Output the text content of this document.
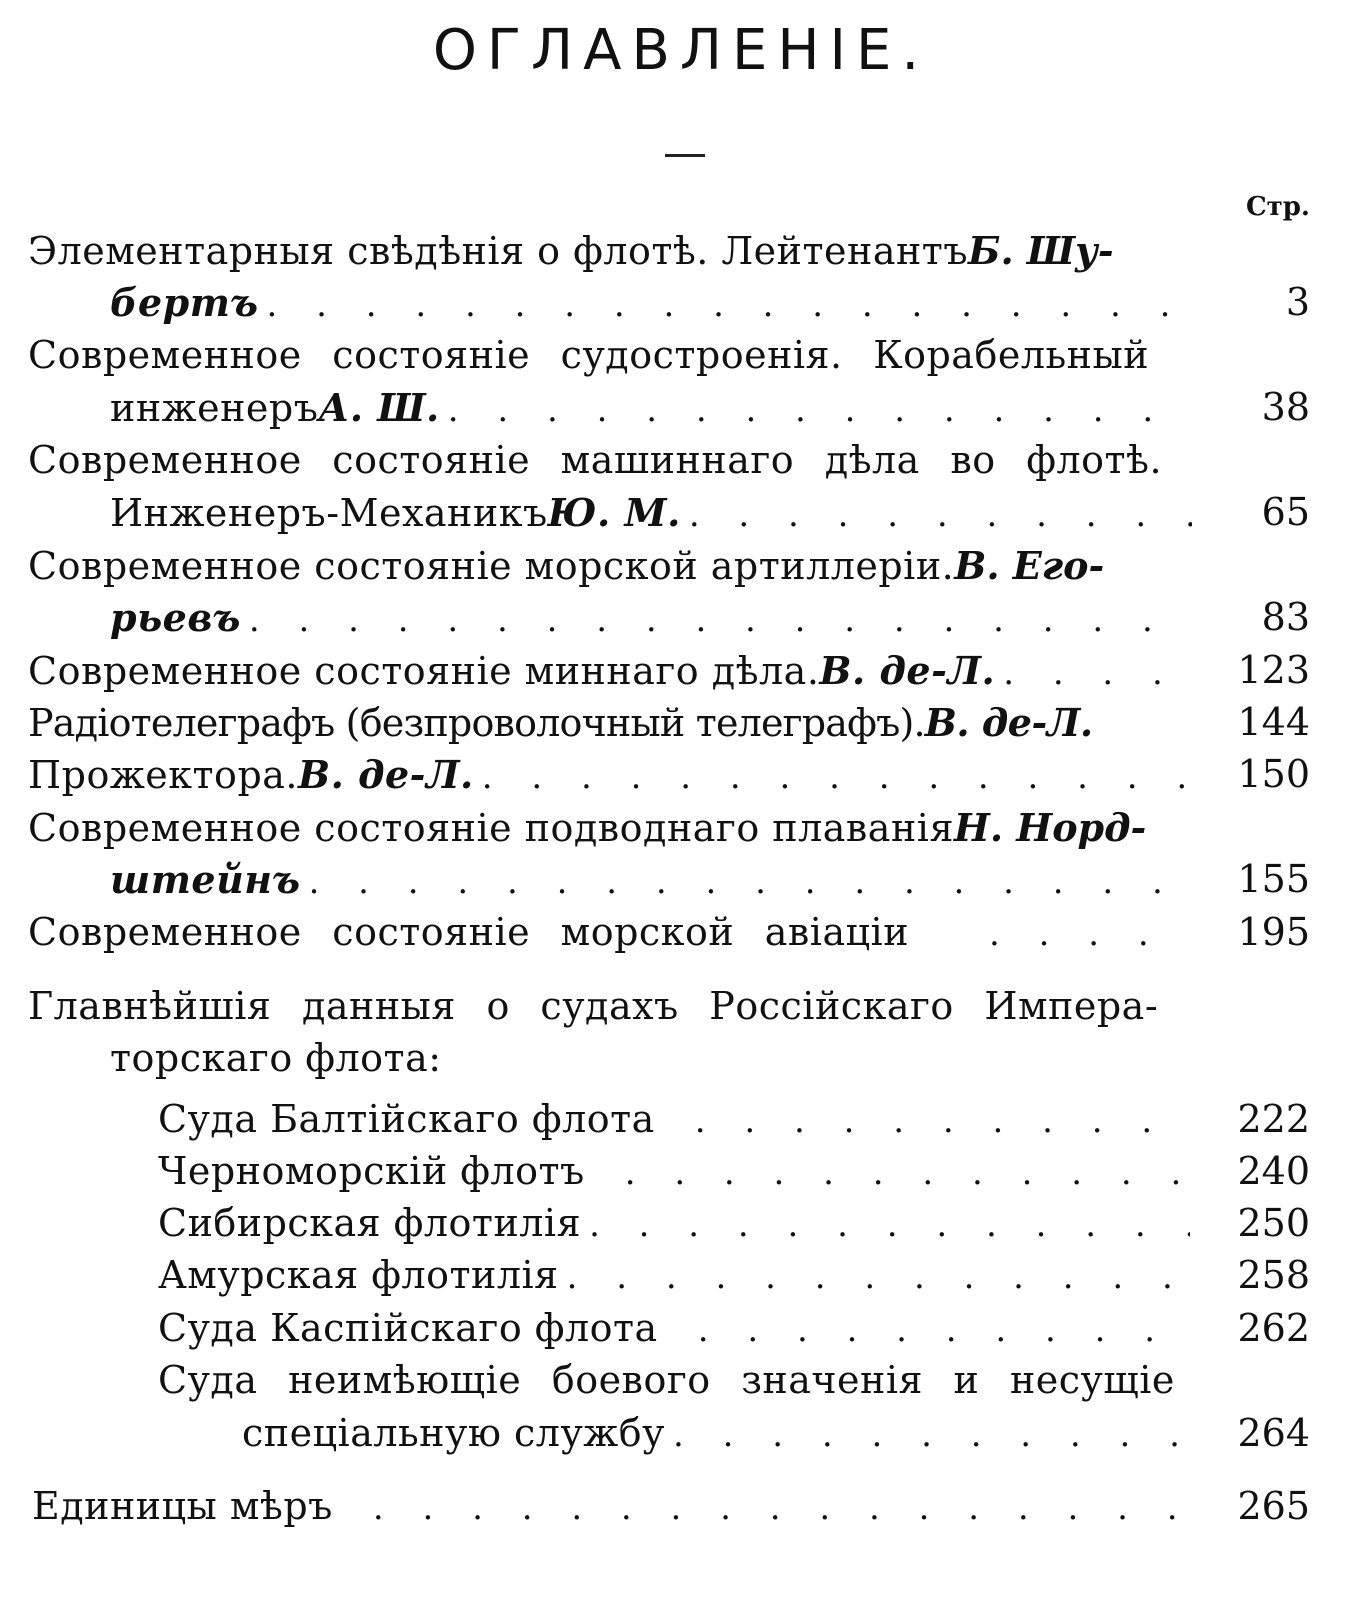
ОГЛАВЛЕНІЕ.
Стр.
Элементарныя свѣдѣнія о флотѣ. Лейтенантъ Б. Шу-
бертъ . . .	3
Современное состояніе судостроенія. Корабельный
инженеръ А. Ш. . . .	38
Современное состояніе машиннаго дѣла во флотѣ.
Инженеръ-Механикъ Ю. М. . . .	65
Современное состояніе морской артиллеріи. В. Его-
рьевъ . . .	83
Современное состояніе миннаго дѣла. В. де-Л. . . .	123
Радіотелеграфъ (безпроволочный телеграфъ). В. де-Л.	144
Прожектора. В. де-Л. . . .	150
Современное состояніе подводнаго плаванія Н. Норд-
штейнъ . . .	155
Современное состояніе морской авіаціи . . .	195
Главнѣйшія данныя о судахъ Россійскаго Импера-
торскаго флота:
Суда Балтійскаго флота . . .	222
Черноморскій флотъ . . .	240
Сибирская флотилія . . .	250
Амурская флотилія . . .	258
Суда Каспійскаго флота . . .	262
Суда неимѣющіе боевого значенія и несущіе
спеціальную службу . . .	264
Единицы мѣръ . . .	265
